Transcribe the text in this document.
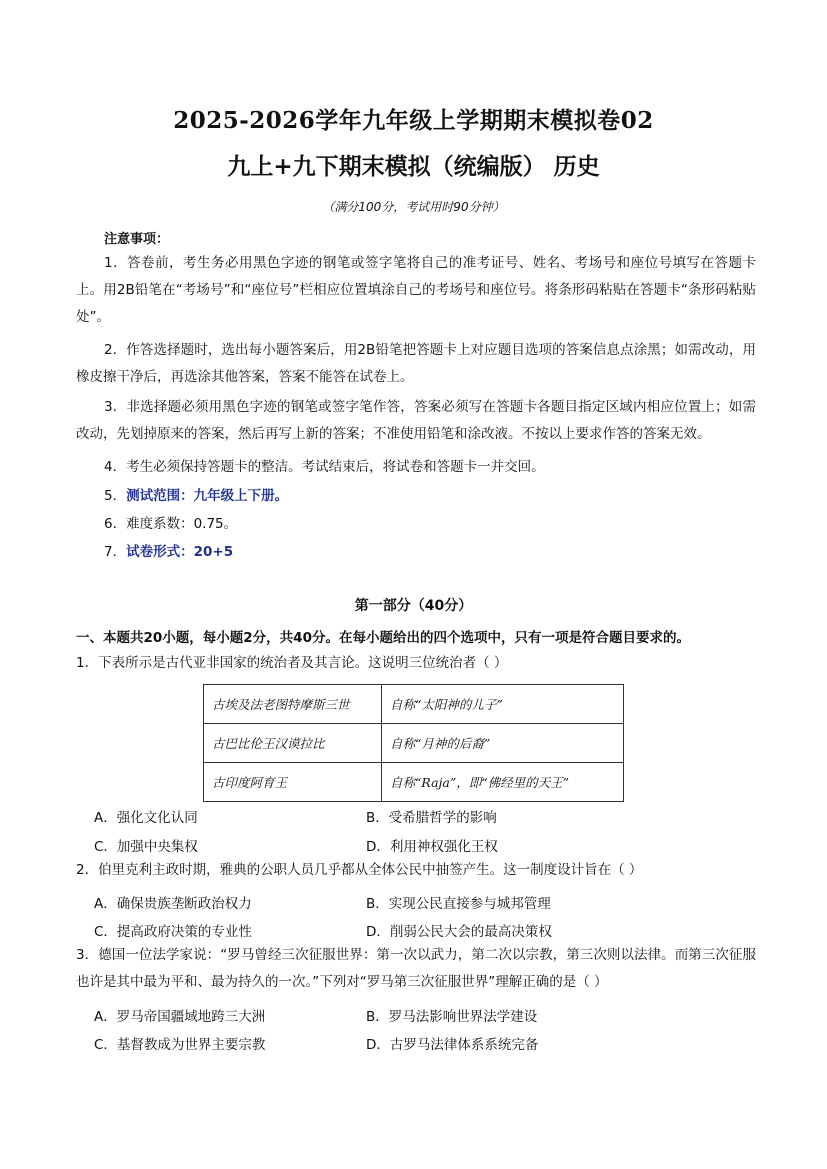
2025-2026学年九年级上学期期末模拟卷02
九上+九下期末模拟（统编版） 历史
（满分100分，考试用时90分钟）
注意事项：
1．答卷前，考生务必用黑色字迹的钢笔或签字笔将自己的准考证号、姓名、考场号和座位号填写在答题卡上。用2B铅笔在“考场号”和“座位号”栏相应位置填涂自己的考场号和座位号。将条形码粘贴在答题卡“条形码粘贴处”。
2．作答选择题时，选出每小题答案后，用2B铅笔把答题卡上对应题目选项的答案信息点涂黑；如需改动，用橡皮擦干净后，再选涂其他答案，答案不能答在试卷上。
3．非选择题必须用黑色字迹的钢笔或签字笔作答，答案必须写在答题卡各题目指定区域内相应位置上；如需改动，先划掉原来的答案，然后再写上新的答案；不准使用铅笔和涂改液。不按以上要求作答的答案无效。
4．考生必须保持答题卡的整洁。考试结束后，将试卷和答题卡一并交回。
5．测试范围：九年级上下册。
6．难度系数：0.75。
7．试卷形式：20+5
第一部分（40分）
一、本题共20小题，每小题2分，共40分。在每小题给出的四个选项中，只有一项是符合题目要求的。
1．下表所示是古代亚非国家的统治者及其言论。这说明三位统治者（ ）
古埃及法老图特摩斯三世	自称“太阳神的儿子”
古巴比伦王汉谟拉比	自称“月神的后裔”
古印度阿育王	自称“Raja”，即“佛经里的天王”
A．强化文化认同	B．受希腊哲学的影响
C．加强中央集权	D．利用神权强化王权
2．伯里克利主政时期，雅典的公职人员几乎都从全体公民中抽签产生。这一制度设计旨在（ ）
A．确保贵族垄断政治权力	B．实现公民直接参与城邦管理
C．提高政府决策的专业性	D．削弱公民大会的最高决策权
3．德国一位法学家说：“罗马曾经三次征服世界：第一次以武力，第二次以宗教，第三次则以法律。而第三次征服也许是其中最为平和、最为持久的一次。”下列对“罗马第三次征服世界”理解正确的是（ ）
A．罗马帝国疆域地跨三大洲	B．罗马法影响世界法学建设
C．基督教成为世界主要宗教	D．古罗马法律体系系统完备
